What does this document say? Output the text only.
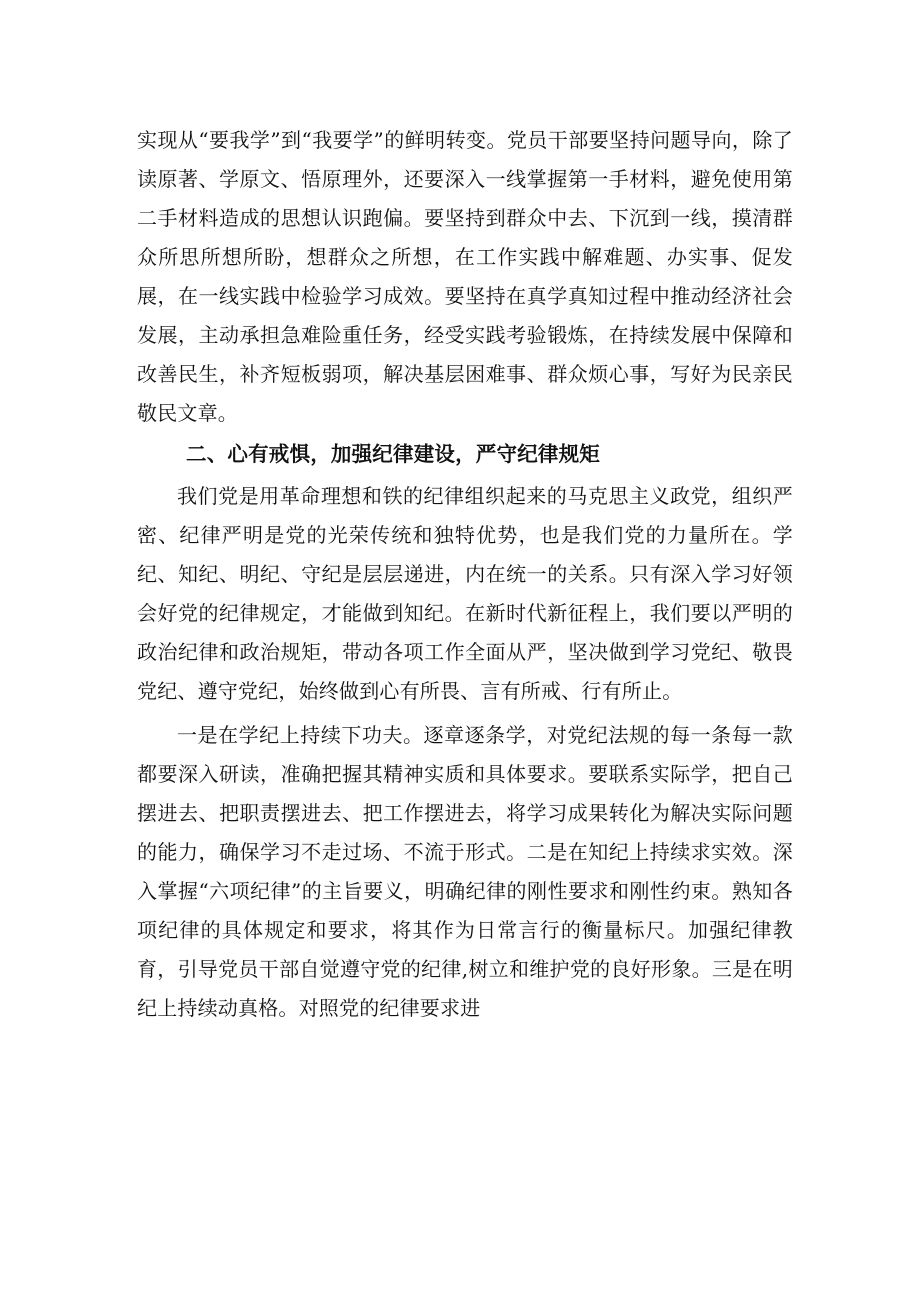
实现从“要我学”到“我要学”的鲜明转变。党员干部要坚持问题导向，除了读原著、学原文、悟原理外，还要深入一线掌握第一手材料，避免使用第二手材料造成的思想认识跑偏。要坚持到群众中去、下沉到一线，摸清群众所思所想所盼，想群众之所想，在工作实践中解难题、办实事、促发展，在一线实践中检验学习成效。要坚持在真学真知过程中推动经济社会发展，主动承担急难险重任务，经受实践考验锻炼，在持续发展中保障和改善民生，补齐短板弱项，解决基层困难事、群众烦心事，写好为民亲民敬民文章。

二、心有戒惧，加强纪律建设，严守纪律规矩

我们党是用革命理想和铁的纪律组织起来的马克思主义政党，组织严密、纪律严明是党的光荣传统和独特优势，也是我们党的力量所在。学纪、知纪、明纪、守纪是层层递进，内在统一的关系。只有深入学习好领会好党的纪律规定，才能做到知纪。在新时代新征程上，我们要以严明的政治纪律和政治规矩，带动各项工作全面从严，坚决做到学习党纪、敬畏党纪、遵守党纪，始终做到心有所畏、言有所戒、行有所止。

一是在学纪上持续下功夫。逐章逐条学，对党纪法规的每一条每一款都要深入研读，准确把握其精神实质和具体要求。要联系实际学，把自己摆进去、把职责摆进去、把工作摆进去，将学习成果转化为解决实际问题的能力，确保学习不走过场、不流于形式。二是在知纪上持续求实效。深入掌握“六项纪律”的主旨要义，明确纪律的刚性要求和刚性约束。熟知各项纪律的具体规定和要求，将其作为日常言行的衡量标尺。加强纪律教育，引导党员干部自觉遵守党的纪律,树立和维护党的良好形象。三是在明纪上持续动真格。对照党的纪律要求进
